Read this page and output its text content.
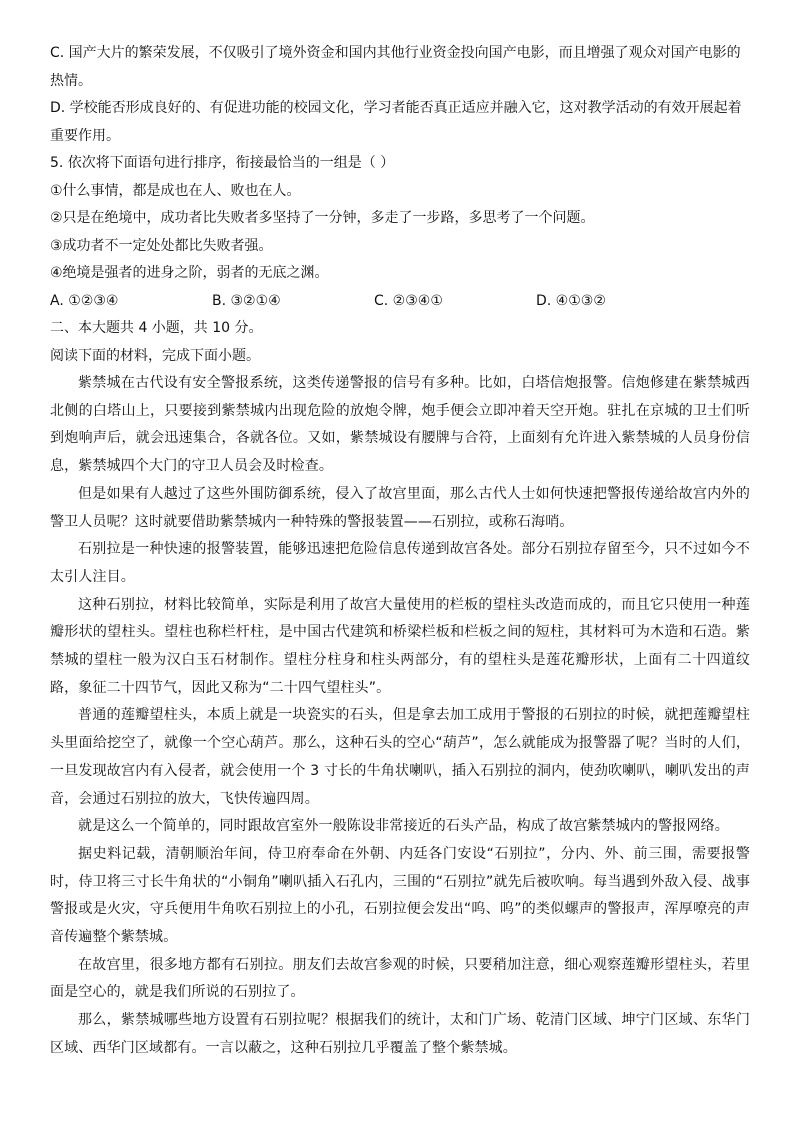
C. 国产大片的繁荣发展，不仅吸引了境外资金和国内其他行业资金投向国产电影，而且增强了观众对国产电影的热情。

D. 学校能否形成良好的、有促进功能的校园文化，学习者能否真正适应并融入它，这对教学活动的有效开展起着重要作用。

5. 依次将下面语句进行排序，衔接最恰当的一组是（ ）

①什么事情，都是成也在人、败也在人。

②只是在绝境中，成功者比失败者多坚持了一分钟，多走了一步路，多思考了一个问题。

③成功者不一定处处都比失败者强。

④绝境是强者的进身之阶，弱者的无底之渊。

A. ①②③④	B. ③②①④	C. ②③④①	D. ④①③②

二、本大题共 4 小题，共 10 分。

阅读下面的材料，完成下面小题。

紫禁城在古代设有安全警报系统，这类传递警报的信号有多种。比如，白塔信炮报警。信炮修建在紫禁城西北侧的白塔山上，只要接到紫禁城内出现危险的放炮令牌，炮手便会立即冲着天空开炮。驻扎在京城的卫士们听到炮响声后，就会迅速集合，各就各位。又如，紫禁城设有腰牌与合符，上面刻有允许进入紫禁城的人员身份信息，紫禁城四个大门的守卫人员会及时检查。

但是如果有人越过了这些外围防御系统，侵入了故宫里面，那么古代人士如何快速把警报传递给故宫内外的警卫人员呢？这时就要借助紫禁城内一种特殊的警报装置——石别拉，或称石海哨。

石别拉是一种快速的报警装置，能够迅速把危险信息传递到故宫各处。部分石别拉存留至今，只不过如今不太引人注目。

这种石别拉，材料比较简单，实际是利用了故宫大量使用的栏板的望柱头改造而成的，而且它只使用一种莲瓣形状的望柱头。望柱也称栏杆柱，是中国古代建筑和桥梁栏板和栏板之间的短柱，其材料可为木造和石造。紫禁城的望柱一般为汉白玉石材制作。望柱分柱身和柱头两部分，有的望柱头是莲花瓣形状，上面有二十四道纹路，象征二十四节气，因此又称为“二十四气望柱头”。

普通的莲瓣望柱头，本质上就是一块瓷实的石头，但是拿去加工成用于警报的石别拉的时候，就把莲瓣望柱头里面给挖空了，就像一个空心葫芦。那么，这种石头的空心“葫芦”，怎么就能成为报警器了呢？当时的人们，一旦发现故宫内有入侵者，就会使用一个 3 寸长的牛角状喇叭，插入石别拉的洞内，使劲吹喇叭，喇叭发出的声音，会通过石别拉的放大，飞快传遍四周。

就是这么一个简单的，同时跟故宫室外一般陈设非常接近的石头产品，构成了故宫紫禁城内的警报网络。

据史料记载，清朝顺治年间，侍卫府奉命在外朝、内廷各门安设“石别拉”，分内、外、前三围，需要报警时，侍卫将三寸长牛角状的“小铜角”喇叭插入石孔内，三围的“石别拉”就先后被吹响。每当遇到外敌入侵、战事警报或是火灾，守兵便用牛角吹石别拉上的小孔，石别拉便会发出“呜、呜”的类似螺声的警报声，浑厚嘹亮的声音传遍整个紫禁城。

在故宫里，很多地方都有石别拉。朋友们去故宫参观的时候，只要稍加注意，细心观察莲瓣形望柱头，若里面是空心的，就是我们所说的石别拉了。

那么，紫禁城哪些地方设置有石别拉呢？根据我们的统计，太和门广场、乾清门区域、坤宁门区域、东华门区域、西华门区域都有。一言以蔽之，这种石别拉几乎覆盖了整个紫禁城。
